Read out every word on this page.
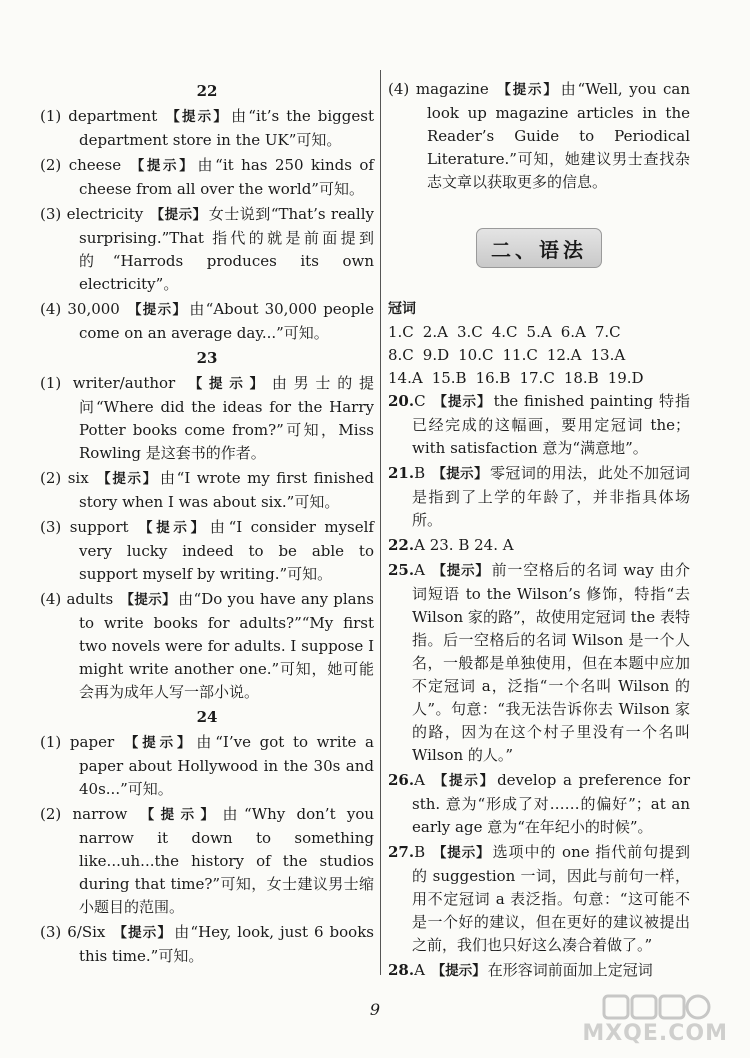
22
(1) department 【提示】 由“it’s the biggest department store in the UK”可知。
(2) cheese 【提示】 由“it has 250 kinds of cheese from all over the world”可知。
(3) electricity 【提示】 女士说到“That’s really surprising.”That 指代的就是前面提到的“Harrods produces its own electricity”。
(4) 30,000 【提示】 由“About 30,000 people come on an average day...”可知。
23
(1) writer/author 【提示】 由男士的提问“Where did the ideas for the Harry Potter books come from?”可知，Miss Rowling 是这套书的作者。
(2) six 【提示】 由“I wrote my first finished story when I was about six.”可知。
(3) support 【提示】 由“I consider myself very lucky indeed to be able to support myself by writing.”可知。
(4) adults 【提示】 由“Do you have any plans to write books for adults?”“My first two novels were for adults. I suppose I might write another one.”可知，她可能会再为成年人写一部小说。
24
(1) paper 【提示】 由“I’ve got to write a paper about Hollywood in the 30s and 40s...”可知。
(2) narrow 【提示】 由“Why don’t you narrow it down to something like...uh...the history of the studios during that time?”可知，女士建议男士缩小题目的范围。
(3) 6/Six 【提示】 由“Hey, look, just 6 books this time.”可知。
(4) magazine 【提示】 由“Well, you can look up magazine articles in the Reader’s Guide to Periodical Literature.”可知，她建议男士查找杂志文章以获取更多的信息。
二、语法
冠词
1.C 2.A 3.C 4.C 5.A 6.A 7.C
8.C 9.D 10.C 11.C 12.A 13.A
14.A 15.B 16.B 17.C 18.B 19.D
20.C 【提示】 the finished painting 特指已经完成的这幅画，要用定冠词 the；with satisfaction 意为“满意地”。
21.B 【提示】 零冠词的用法，此处不加冠词是指到了上学的年龄了，并非指具体场所。
22.A 23. B 24. A
25.A 【提示】 前一空格后的名词 way 由介词短语 to the Wilson’s 修饰，特指“去 Wilson 家的路”，故使用定冠词 the 表特指。后一空格后的名词 Wilson 是一个人名，一般都是单独使用，但在本题中应加不定冠词 a，泛指“一个名叫 Wilson 的人”。句意：“我无法告诉你去 Wilson 家的路，因为在这个村子里没有一个名叫 Wilson 的人。”
26.A 【提示】 develop a preference for sth. 意为“形成了对……的偏好”；at an early age 意为“在年纪小的时候”。
27.B 【提示】 选项中的 one 指代前句提到的 suggestion 一词，因此与前句一样，用不定冠词 a 表泛指。句意：“这可能不是一个好的建议，但在更好的建议被提出之前，我们也只好这么凑合着做了。”
28.A 【提示】 在形容词前面加上定冠词
9
MXQE.COM
